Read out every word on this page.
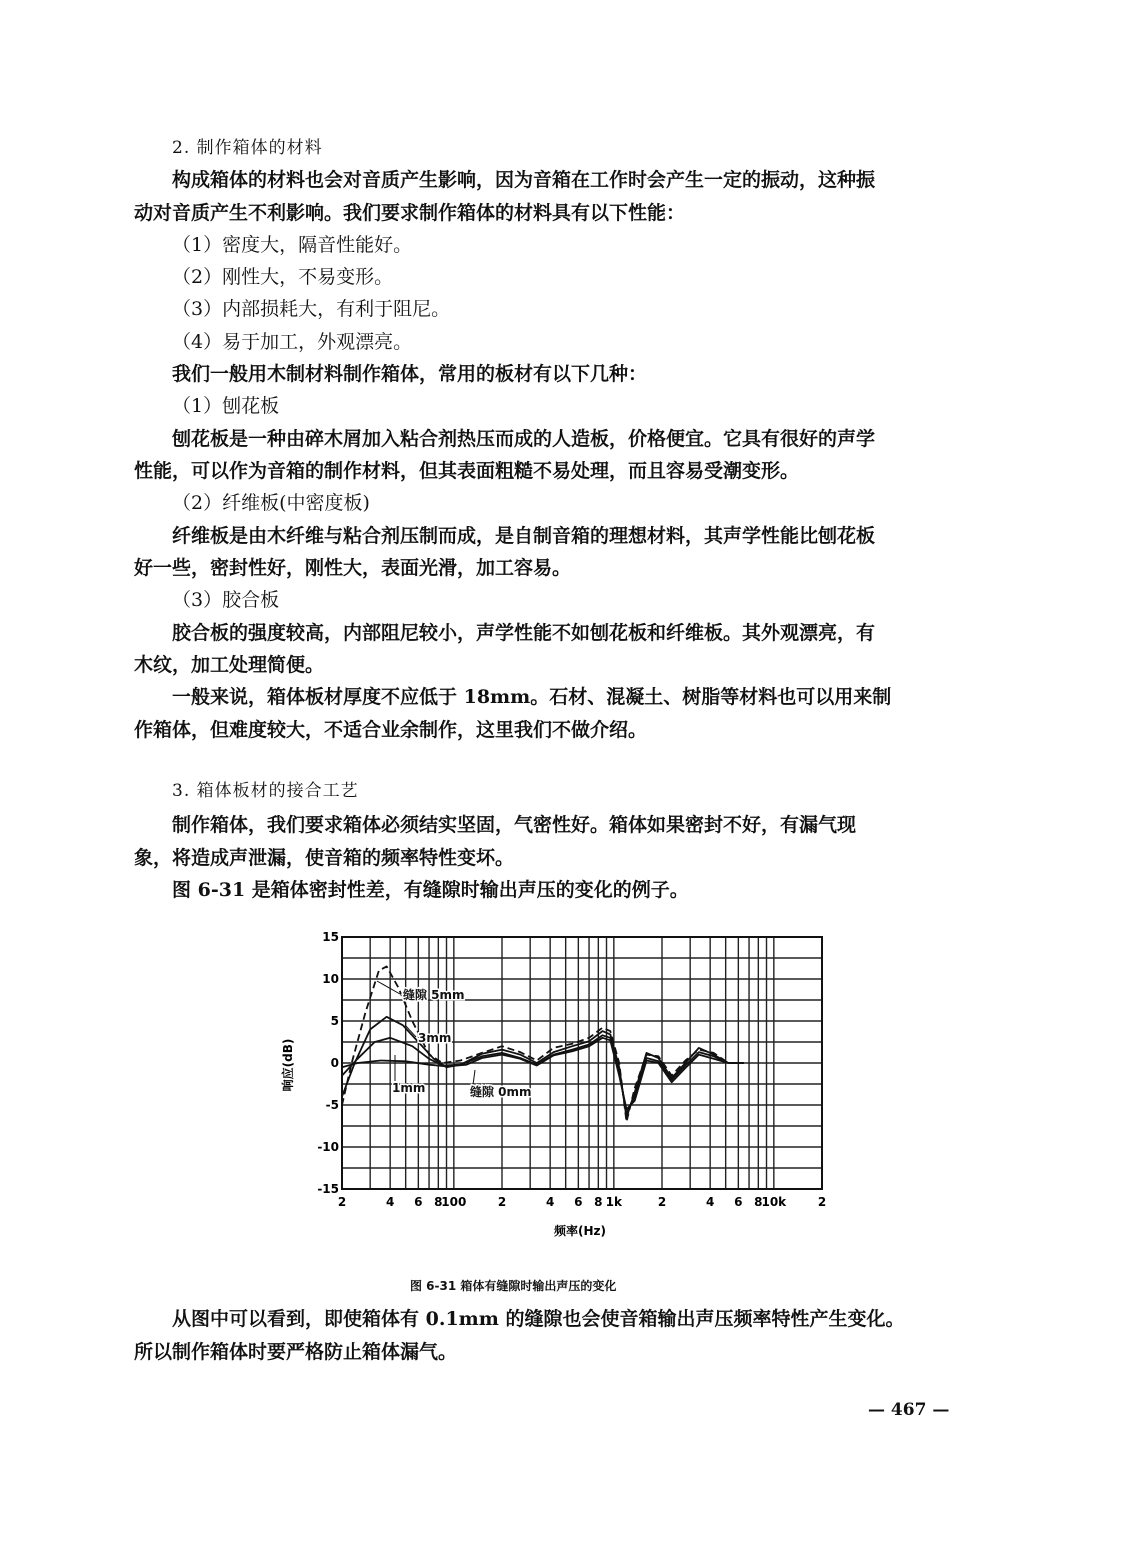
2. 制作箱体的材料
构成箱体的材料也会对音质产生影响，因为音箱在工作时会产生一定的振动，这种振
动对音质产生不利影响。我们要求制作箱体的材料具有以下性能：
（1）密度大，隔音性能好。
（2）刚性大，不易变形。
（3）内部损耗大，有利于阻尼。
（4）易于加工，外观漂亮。
我们一般用木制材料制作箱体，常用的板材有以下几种：
（1）刨花板
刨花板是一种由碎木屑加入粘合剂热压而成的人造板，价格便宜。它具有很好的声学
性能，可以作为音箱的制作材料，但其表面粗糙不易处理，而且容易受潮变形。
（2）纤维板(中密度板)
纤维板是由木纤维与粘合剂压制而成，是自制音箱的理想材料，其声学性能比刨花板
好一些，密封性好，刚性大，表面光滑，加工容易。
（3）胶合板
胶合板的强度较高，内部阻尼较小，声学性能不如刨花板和纤维板。其外观漂亮，有
木纹，加工处理简便。
一般来说，箱体板材厚度不应低于 18mm。石材、混凝土、树脂等材料也可以用来制
作箱体，但难度较大，不适合业余制作，这里我们不做介绍。
3. 箱体板材的接合工艺
制作箱体，我们要求箱体必须结实坚固，气密性好。箱体如果密封不好，有漏气现
象，将造成声泄漏，使音箱的频率特性变坏。
图 6-31 是箱体密封性差，有缝隙时输出声压的变化的例子。
15
10
5
0
-5
-10
-15
2	4 6 8
100	2	4 6 8 1k	2	4 6 8
10k	2
缝隙 5mm
3mm
1mm	缝隙 0mm
频率(Hz)
响应(dB)
图 6-31 箱体有缝隙时输出声压的变化
从图中可以看到，即使箱体有 0.1mm 的缝隙也会使音箱输出声压频率特性产生变化。
所以制作箱体时要严格防止箱体漏气。
— 467 —
